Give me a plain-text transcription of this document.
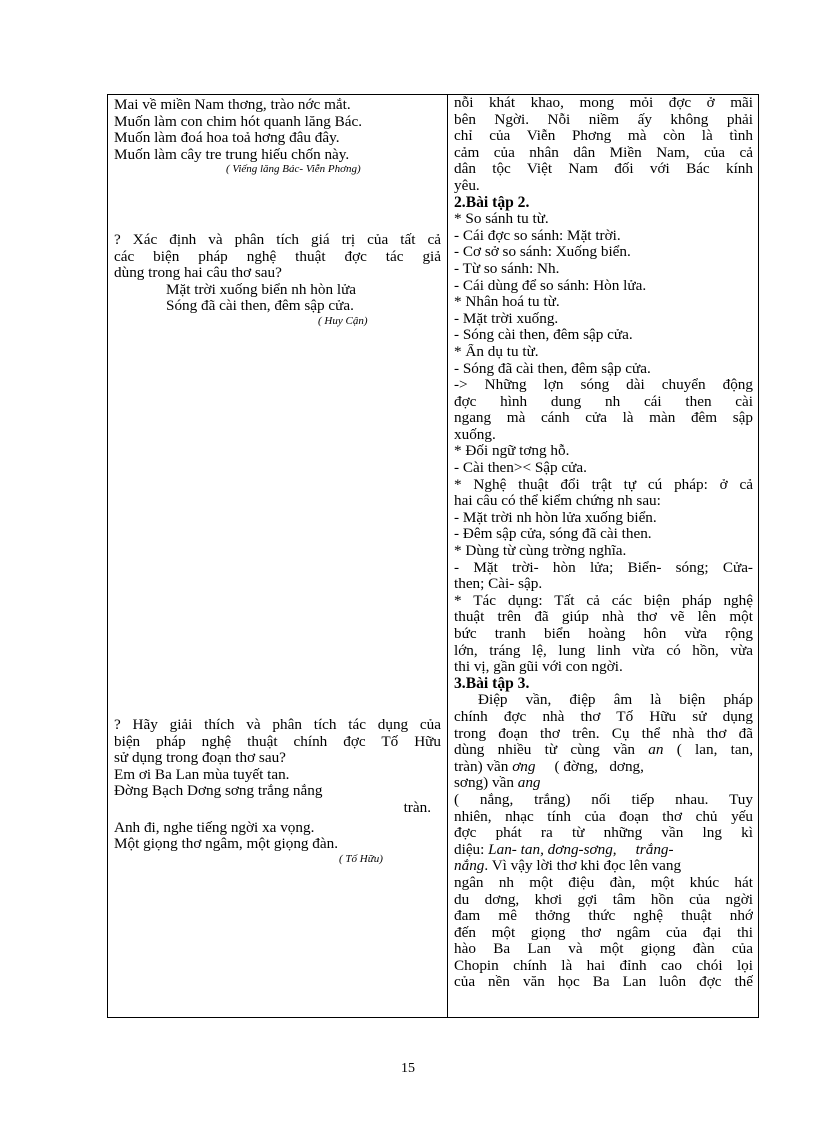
Mai về miền Nam thơng, trào nớc mắt.
Muốn làm con chim hót quanh lăng Bác.
Muốn làm đoá hoa toả hơng đâu đây.
Muốn làm cây tre trung hiếu chốn này.
( Viếng lăng Bác- Viễn Phơng)
? Xác định và phân tích giá trị của tất cả
các biện pháp nghệ thuật đợc tác giả
dùng trong hai câu thơ sau?
Mặt trời xuống biển nh hòn lửa
Sóng đã cài then, đêm sập cửa.
( Huy Cận)
? Hãy giải thích và phân tích tác dụng của
biện pháp nghệ thuật chính đợc Tố Hữu
sử dụng trong đoạn thơ sau?
Em ơi Ba Lan mùa tuyết tan.
Đờng Bạch Dơng sơng trắng nắng
tràn.
Anh đi, nghe tiếng ngời xa vọng.
Một giọng thơ ngâm, một giọng đàn.
( Tố Hữu)
nỗi khát khao, mong mỏi đợc ở mãi
bên Ngời. Nỗi niềm ấy không phải
chỉ của Viễn Phơng mà còn là tình
cảm của nhân dân Miền Nam, của cả
dân tộc Việt Nam đối với Bác kính
yêu.
2.Bài tập 2.
* So sánh tu từ.
- Cái đợc so sánh: Mặt trời.
- Cơ sở so sánh: Xuống biển.
- Từ so sánh: Nh.
- Cái dùng để so sánh: Hòn lửa.
* Nhân hoá tu từ.
- Mặt trời xuống.
- Sóng cài then, đêm sập cửa.
* Ẩn dụ tu từ.
- Sóng đã cài then, đêm sập cửa.
-> Những lợn sóng dài chuyển động
đợc hình dung nh cái then cài
ngang mà cánh cửa là màn đêm sập
xuống.
* Đối ngữ tơng hỗ.
- Cài then>< Sập cửa.
* Nghệ thuật đổi trật tự cú pháp: ở cả
hai câu có thể kiểm chứng nh sau:
- Mặt trời nh hòn lửa xuống biển.
- Đêm sập cửa, sóng đã cài then.
* Dùng từ cùng trờng nghĩa.
- Mặt trời- hòn lửa; Biển- sóng; Cửa-
then; Cài- sập.
* Tác dụng: Tất cả các biện pháp nghệ
thuật trên đã giúp nhà thơ vẽ lên một
bức tranh biển hoàng hôn vừa rộng
lớn, tráng lệ, lung linh vừa có hồn, vừa
thi vị, gần gũi với con ngời.
3.Bài tập 3.
Điệp vần, điệp âm là biện pháp
chính đợc nhà thơ Tố Hữu sử dụng
trong đoạn thơ trên. Cụ thể nhà thơ đã
dùng nhiều từ cùng vần an ( lan, tan,
tràn) vần ơng     ( đờng,   dơng,
sơng) vần ang
( nắng, trắng) nối tiếp nhau. Tuy
nhiên, nhạc tính của đoạn thơ chủ yếu
đợc phát ra từ những vần lng kì
diệu: Lan- tan, dơng-sơng,     trắng-
nắng. Vì vậy lời thơ khi đọc lên vang
ngân nh một điệu đàn, một khúc hát
du dơng, khơi gợi tâm hồn của ngời
đam mê thởng thức nghệ thuật nhớ
đến một giọng thơ ngâm của đại thi
hào Ba Lan và một giọng đàn của
Chopin chính là hai đỉnh cao chói lọi
của nền văn học Ba Lan luôn đợc thế
15
